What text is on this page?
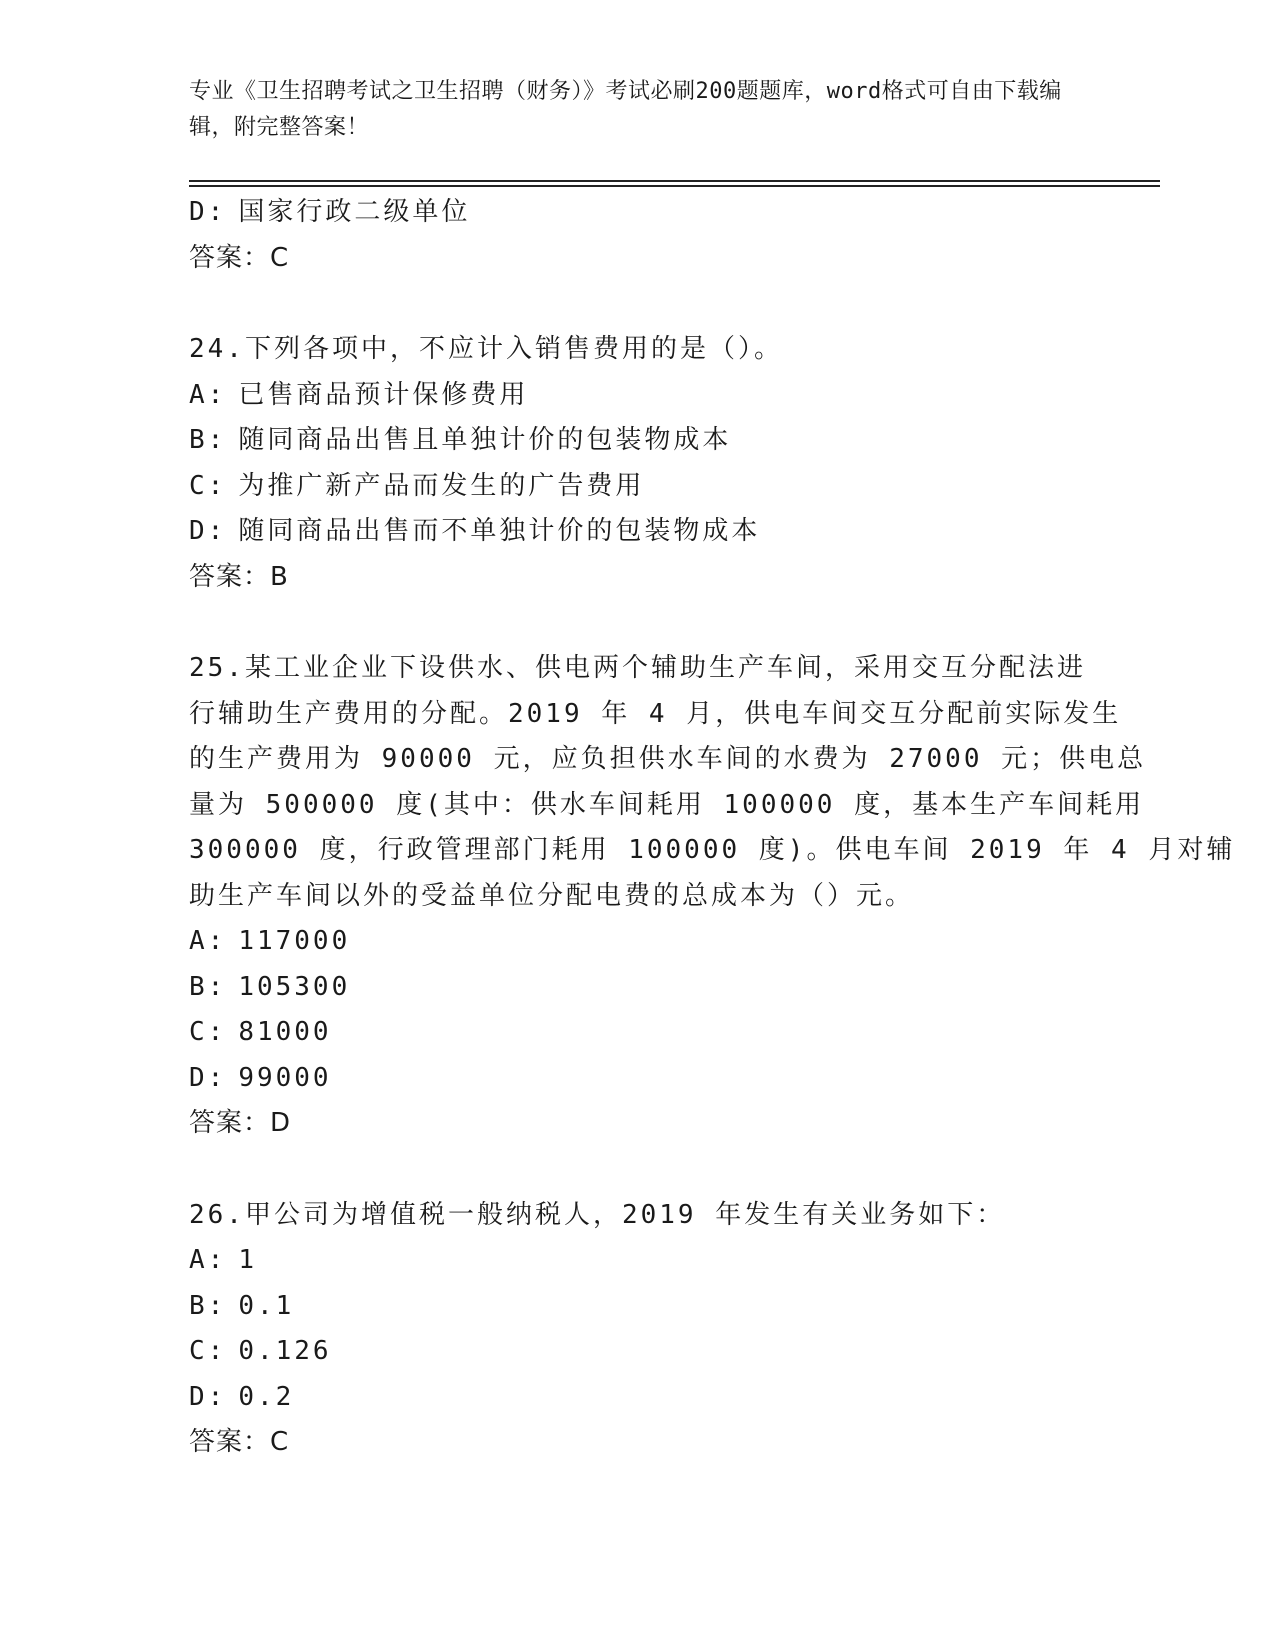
专业《卫生招聘考试之卫生招聘（财务）》考试必刷200题题库，word格式可自由下载编辑，附完整答案！
D: 国家行政二级单位
答案：C
24.下列各项中，不应计入销售费用的是（）。
A: 已售商品预计保修费用
B: 随同商品出售且单独计价的包装物成本
C: 为推广新产品而发生的广告费用
D: 随同商品出售而不单独计价的包装物成本
答案：B
25.某工业企业下设供水、供电两个辅助生产车间，采用交互分配法进
行辅助生产费用的分配。2019 年 4 月，供电车间交互分配前实际发生
的生产费用为 90000 元，应负担供水车间的水费为 27000 元；供电总
量为 500000 度(其中：供水车间耗用 100000 度，基本生产车间耗用
300000 度，行政管理部门耗用 100000 度)。供电车间 2019 年 4 月对辅
助生产车间以外的受益单位分配电费的总成本为（）元。
A: 117000
B: 105300
C: 81000
D: 99000
答案：D
26.甲公司为增值税一般纳税人，2019 年发生有关业务如下：
A: 1
B: 0.1
C: 0.126
D: 0.2
答案：C
